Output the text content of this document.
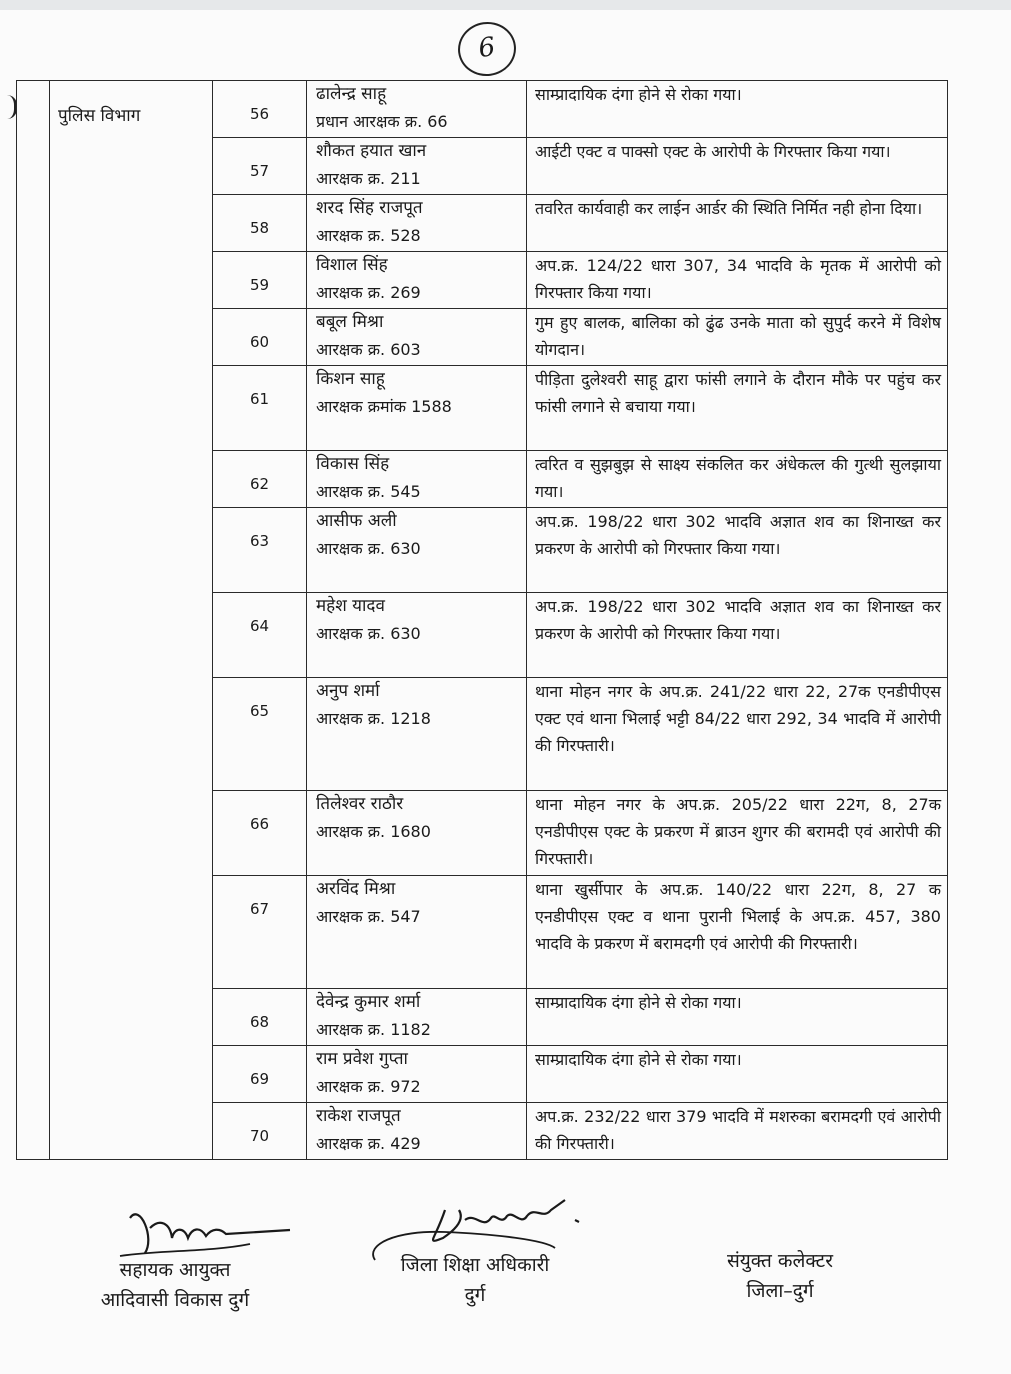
6
	पुलिस विभाग	56	ढालेन्द्र साहू
प्रधान आरक्षक क्र. 66	साम्प्रादायिक दंगा होने से रोका गया।
		57	शौकत हयात खान
आरक्षक क्र. 211	आईटी एक्ट व पाक्सो एक्ट के आरोपी के गिरफ्तार किया गया।
		58	शरद सिंह राजपूत
आरक्षक क्र. 528	तवरित कार्यवाही कर लाईन आर्डर की स्थिति निर्मित नही होना दिया।
		59	विशाल सिंह
आरक्षक क्र. 269	अप.क्र. 124/22 धारा 307, 34 भादवि के मृतक में आरोपी को गिरफ्तार किया गया।
		60	बबूल मिश्रा
आरक्षक क्र. 603	गुम हुए बालक, बालिका को ढुंढ उनके माता को सुपुर्द करने में विशेष योगदान।
		61	किशन साहू
आरक्षक क्रमांक 1588	पीड़िता दुलेश्वरी साहू द्वारा फांसी लगाने के दौरान मौके पर पहुंच कर फांसी लगाने से बचाया गया।
		62	विकास सिंह
आरक्षक क्र. 545	त्वरित व सुझबुझ से साक्ष्य संकलित कर अंधेकत्ल की गुत्थी सुलझाया गया।
		63	आसीफ अली
आरक्षक क्र. 630	अप.क्र. 198/22 धारा 302 भादवि अज्ञात शव का शिनाख्त कर प्रकरण के आरोपी को गिरफ्तार किया गया।
		64	महेश यादव
आरक्षक क्र. 630	अप.क्र. 198/22 धारा 302 भादवि अज्ञात शव का शिनाख्त कर प्रकरण के आरोपी को गिरफ्तार किया गया।
		65	अनुप शर्मा
आरक्षक क्र. 1218	थाना मोहन नगर के अप.क्र. 241/22 धारा 22, 27क एनडीपीएस एक्ट एवं थाना भिलाई भट्टी 84/22 धारा 292, 34 भादवि में आरोपी की गिरफ्तारी।
		66	तिलेश्वर राठौर
आरक्षक क्र. 1680	थाना मोहन नगर के अप.क्र. 205/22 धारा 22ग, 8, 27क एनडीपीएस एक्ट के प्रकरण में ब्राउन शुगर की बरामदी एवं आरोपी की गिरफ्तारी।
		67	अरविंद मिश्रा
आरक्षक क्र. 547	थाना खुर्सीपार के अप.क्र. 140/22 धारा 22ग, 8, 27 क एनडीपीएस एक्ट व थाना पुरानी भिलाई के अप.क्र. 457, 380 भादवि के प्रकरण में बरामदगी एवं आरोपी की गिरफ्तारी।
		68	देवेन्द्र कुमार शर्मा
आरक्षक क्र. 1182	साम्प्रादायिक दंगा होने से रोका गया।
		69	राम प्रवेश गुप्ता
आरक्षक क्र. 972	साम्प्रादायिक दंगा होने से रोका गया।
		70	राकेश राजपूत
आरक्षक क्र. 429	अप.क्र. 232/22 धारा 379 भादवि में मशरुका बरामदगी एवं आरोपी की गिरफ्तारी।
सहायक आयुक्त
आदिवासी विकास दुर्ग
जिला शिक्षा अधिकारी
दुर्ग
संयुक्त कलेक्टर
जिला–दुर्ग
